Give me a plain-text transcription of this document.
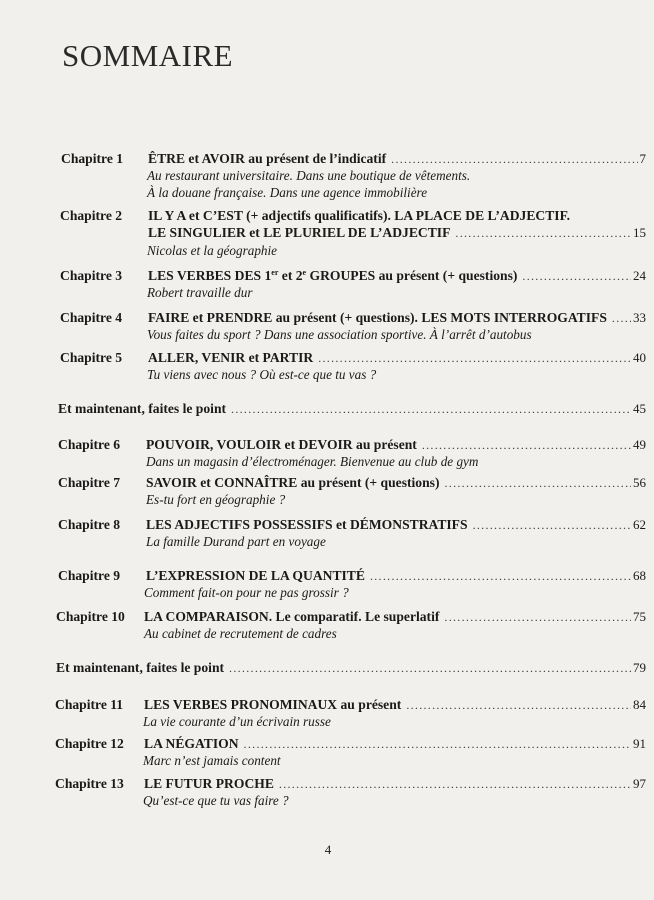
SOMMAIRE
Chapitre 1	ÊTRE et AVOIR au présent de l’indicatif .....	7
Au restaurant universitaire. Dans une boutique de vêtements.
À la douane française. Dans une agence immobilière
Chapitre 2	IL Y A et C’EST (+ adjectifs qualificatifs). LA PLACE DE L’ADJECTIF.
LE SINGULIER et LE PLURIEL DE L’ADJECTIF .....	15
Nicolas et la géographie
Chapitre 3	LES VERBES DES 1er et 2e GROUPES au présent (+ questions) .....	24
Robert travaille dur
Chapitre 4	FAIRE et PRENDRE au présent (+ questions). LES MOTS INTERROGATIFS ..... 33
Vous faites du sport ? Dans une association sportive. À l’arrêt d’autobus
Chapitre 5	ALLER, VENIR et PARTIR .....	40
Tu viens avec nous ? Où est-ce que tu vas ?
Et maintenant, faites le point .....	45
Chapitre 6	POUVOIR, VOULOIR et DEVOIR au présent .....	49
Dans un magasin d’électroménager. Bienvenue au club de gym
Chapitre 7	SAVOIR et CONNAÎTRE au présent (+ questions) .....	56
Es-tu fort en géographie ?
Chapitre 8	LES ADJECTIFS POSSESSIFS et DÉMONSTRATIFS .....	62
La famille Durand part en voyage
Chapitre 9	L’EXPRESSION DE LA QUANTITÉ .....	68
Comment fait-on pour ne pas grossir ?
Chapitre 10	LA COMPARAISON. Le comparatif. Le superlatif .....	75
Au cabinet de recrutement de cadres
Et maintenant, faites le point .....	79
Chapitre 11	LES VERBES PRONOMINAUX au présent .....	84
La vie courante d’un écrivain russe
Chapitre 12	LA NÉGATION .....	91
Marc n’est jamais content
Chapitre 13	LE FUTUR PROCHE .....	97
Qu’est-ce que tu vas faire ?
4
